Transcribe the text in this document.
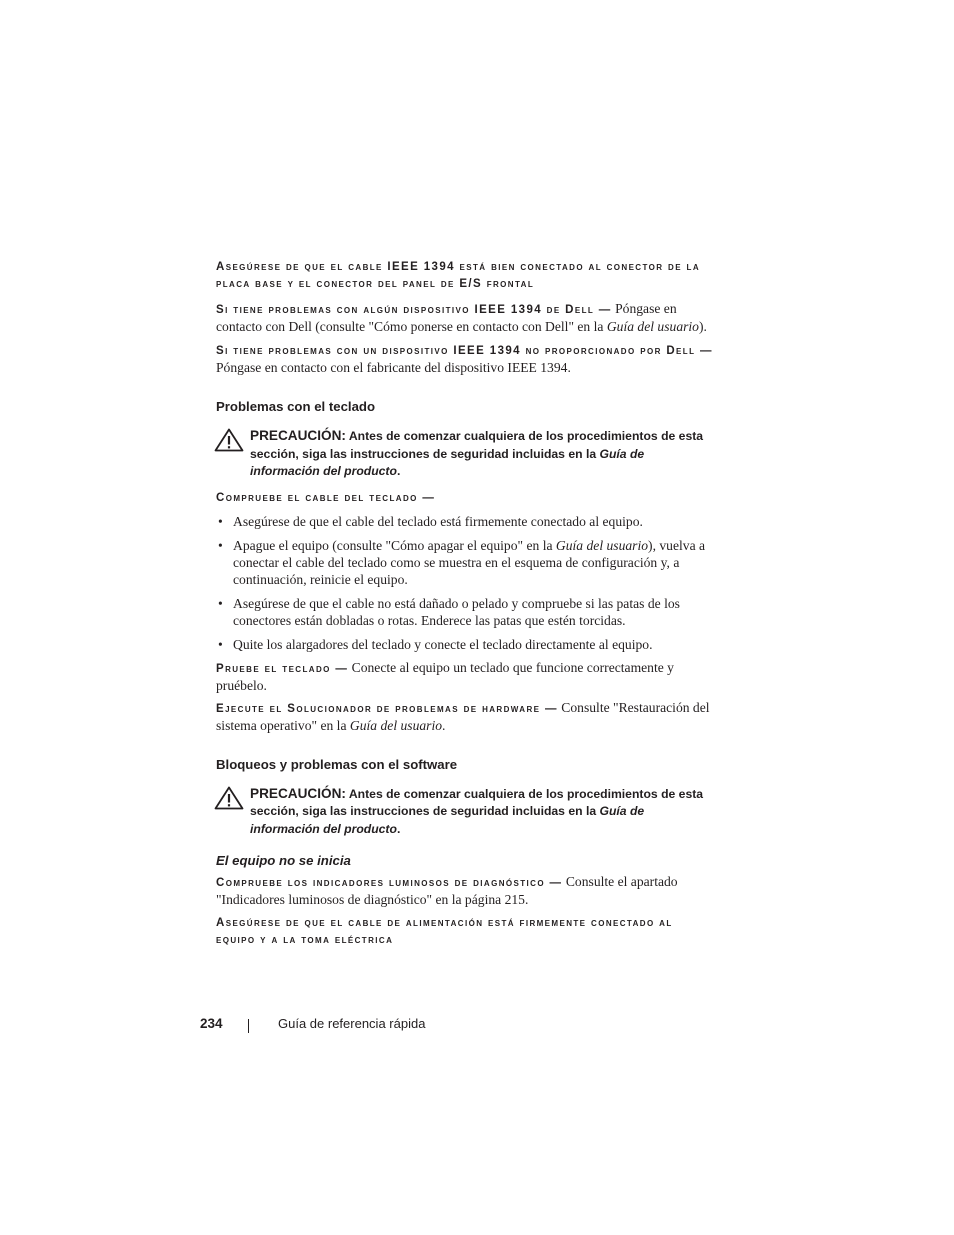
Asegúrese de que el cable IEEE 1394 está bien conectado al conector de la placa base y el conector del panel de E/S frontal

Si tiene problemas con algún dispositivo IEEE 1394 de Dell — Póngase en contacto con Dell (consulte "Cómo ponerse en contacto con Dell" en la Guía del usuario).

Si tiene problemas con un dispositivo IEEE 1394 no proporcionado por Dell — Póngase en contacto con el fabricante del dispositivo IEEE 1394.

Problemas con el teclado
PRECAUCIÓN: Antes de comenzar cualquiera de los procedimientos de esta sección, siga las instrucciones de seguridad incluidas en la Guía de información del producto.

Compruebe el cable del teclado —

• Asegúrese de que el cable del teclado está firmemente conectado al equipo.
• Apague el equipo (consulte "Cómo apagar el equipo" en la Guía del usuario), vuelva a conectar el cable del teclado como se muestra en el esquema de configuración y, a continuación, reinicie el equipo.
• Asegúrese de que el cable no está dañado o pelado y compruebe si las patas de los conectores están dobladas o rotas. Enderece las patas que estén torcidas.
• Quite los alargadores del teclado y conecte el teclado directamente al equipo.

Pruebe el teclado — Conecte al equipo un teclado que funcione correctamente y pruébelo.

Ejecute el Solucionador de problemas de hardware — Consulte "Restauración del sistema operativo" en la Guía del usuario.

Bloqueos y problemas con el software
PRECAUCIÓN: Antes de comenzar cualquiera de los procedimientos de esta sección, siga las instrucciones de seguridad incluidas en la Guía de información del producto.
El equipo no se inicia

Compruebe los indicadores luminosos de diagnóstico — Consulte el apartado "Indicadores luminosos de diagnóstico" en la página 215.

Asegúrese de que el cable de alimentación está firmemente conectado al equipo y a la toma eléctrica

234	Guía de referencia rápida
